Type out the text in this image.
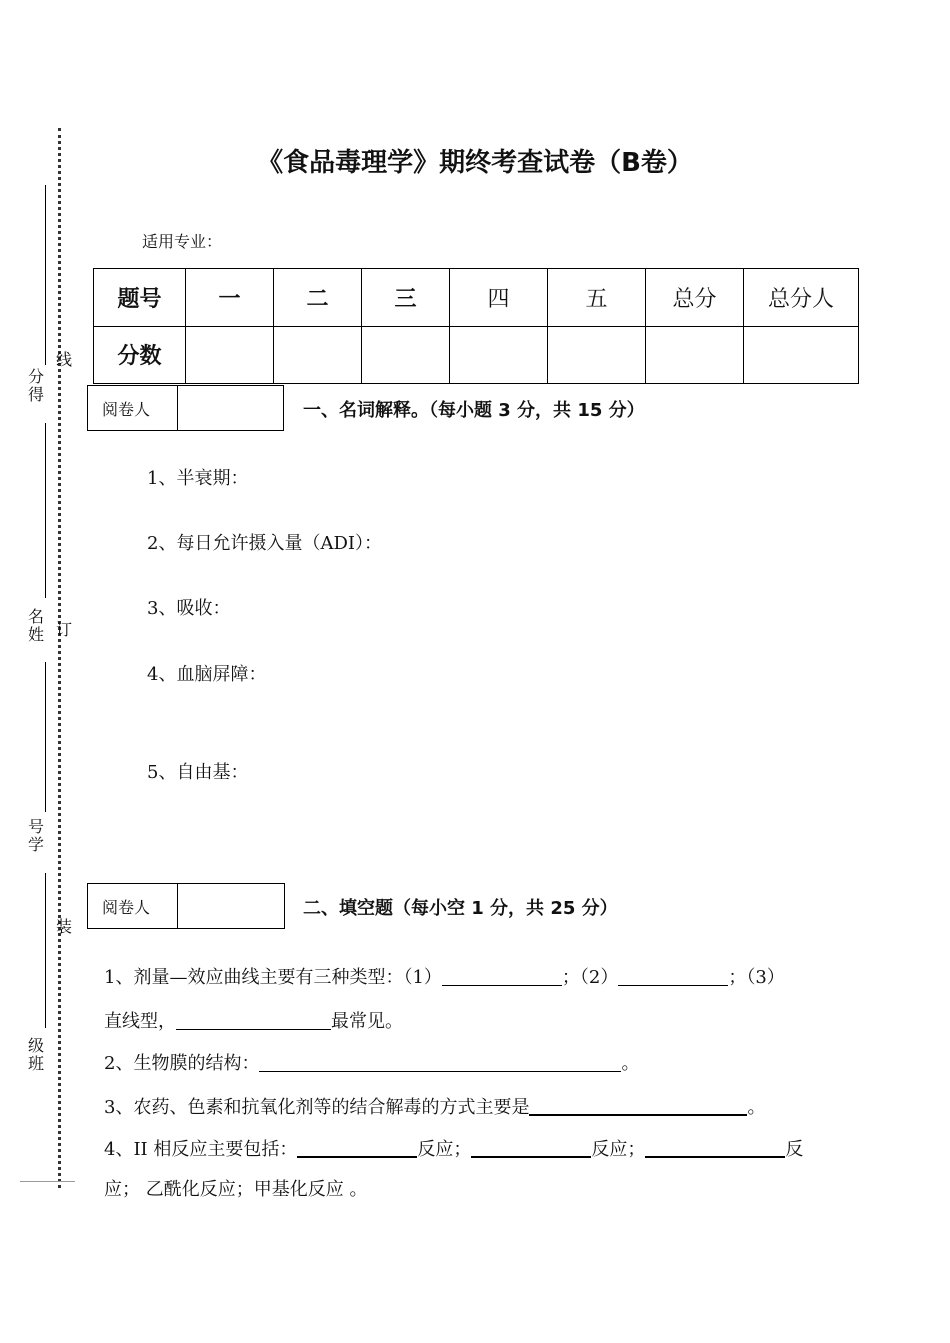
线
订
装
分
得
名
姓
号
学
级
班
《食品毒理学》期终考查试卷（B卷）
适用专业：
题号	一	二	三	四	五	总分	总分人
分数							
阅卷人		一、名词解释。（每小题 3 分，共 15 分）
1、半衰期：
2、每日允许摄入量（ADI）：
3、吸收：
4、血脑屏障：
5、自由基：
阅卷人		二、填空题（每小空 1 分，共 25 分）
1、剂量—效应曲线主要有三种类型：（1）	；（2）	；（3）
直线型，	最常见。
2、生物膜的结构：	。
3、农药、色素和抗氧化剂等的结合解毒的方式主要是	。
4、II 相反应主要包括：	反应；	反应；	反
应； 乙酰化反应；甲基化反应 。
